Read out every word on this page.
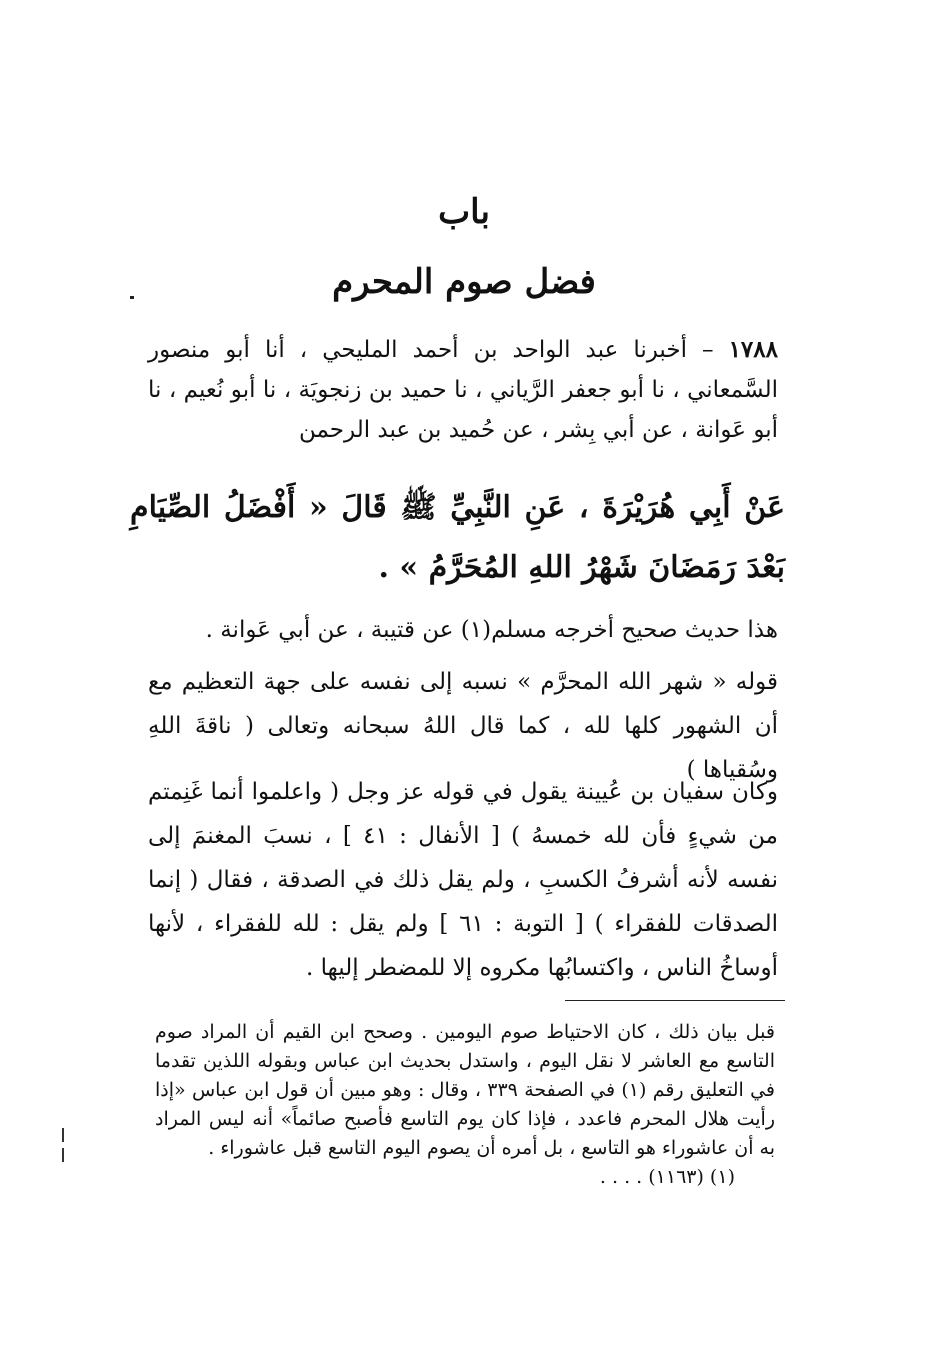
باب
فضل صوم المحرم
١٧٨٨ – أخبرنا عبد الواحد بن أحمد المليحي ، أنا أبو منصور السَّمعاني ، نا أبو جعفر الرَّياني ، نا حميد بن زنجويَة ، نا أبو نُعيم ، نا أبو عَوانة ، عن أبي بِشر ، عن حُميد بن عبد الرحمن
عَنْ أَبِي هُرَيْرَةَ ، عَنِ النَّبِيِّ ﷺ قَالَ « أَفْضَلُ الصِّيَامِ بَعْدَ رَمَضَانَ شَهْرُ اللهِ المُحَرَّمُ » .
هذا حديث صحيح أخرجه مسلم(١) عن قتيبة ، عن أبي عَوانة .
قوله « شهر الله المحرَّم » نسبه إلى نفسه على جهة التعظيم مع أن الشهور كلها لله ، كما قال اللهُ سبحانه وتعالى ( ناقةَ اللهِ وسُقياها )
وكان سفيان بن عُيينة يقول في قوله عز وجل ( واعلموا أنما غَنِمتم من شيءٍ فأن لله خمسهُ ) [ الأنفال : ٤١ ] ، نسبَ المغنمَ إلى نفسه لأنه أشرفُ الكسبِ ، ولم يقل ذلك في الصدقة ، فقال ( إنما الصدقات للفقراء ) [ التوبة : ٦١ ] ولم يقل : لله للفقراء ، لأنها أوساخُ الناس ، واكتسابُها مكروه إلا للمضطر إليها .
قبل بيان ذلك ، كان الاحتياط صوم اليومين . وصحح ابن القيم أن المراد صوم التاسع مع العاشر لا نقل اليوم ، واستدل بحديث ابن عباس وبقوله اللذين تقدما في التعليق رقم (١) في الصفحة ٣٣٩ ، وقال : وهو مبين أن قول ابن عباس «إذا رأيت هلال المحرم فاعدد ، فإذا كان يوم التاسع فأصبح صائماً» أنه ليس المراد به أن عاشوراء هو التاسع ، بل أمره أن يصوم اليوم التاسع قبل عاشوراء .
(١) (١١٦٣) . . . .
